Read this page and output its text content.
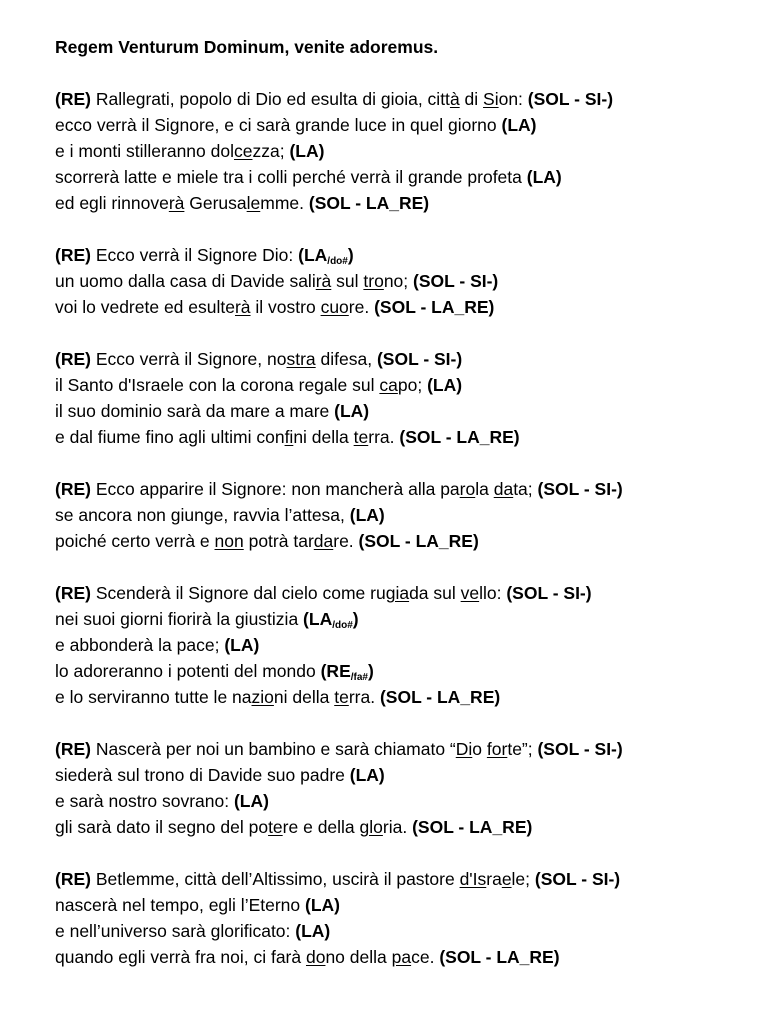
Regem Venturum Dominum, venite adoremus.
(RE) Rallegrati, popolo di Dio ed esulta di gioia, città di Sion: (SOL - SI-)
ecco verrà il Signore, e ci sarà grande luce in quel giorno (LA)
e i monti stilleranno dolcezza; (LA)
scorrerà latte e miele tra i colli perché verrà il grande profeta (LA)
ed egli rinnoverà Gerusalemme. (SOL - LA_RE)
(RE) Ecco verrà il Signore Dio: $(LA_{/do\#})$
un uomo dalla casa di Davide salirà sul trono; (SOL - SI-)
voi lo vedrete ed esulterà il vostro cuore. (SOL - LA_RE)
(RE) Ecco verrà il Signore, nostra difesa, (SOL - SI-)
il Santo d'Israele con la corona regale sul capo; (LA)
il suo dominio sarà da mare a mare (LA)
e dal fiume fino agli ultimi confini della terra. (SOL - LA_RE)
(RE) Ecco apparire il Signore: non mancherà alla parola data; (SOL - SI-)
se ancora non giunge, ravvia l’attesa, (LA)
poiché certo verrà e non potrà tardare. (SOL - LA_RE)
(RE) Scenderà il Signore dal cielo come rugiada sul vello: (SOL - SI-)
nei suoi giorni fiorirà la giustizia $(LA_{/do\#})$
e abbonderà la pace; (LA)
lo adoreranno i potenti del mondo $(RE_{/fa\#})$
e lo serviranno tutte le nazioni della terra. (SOL - LA_RE)
(RE) Nascerà per noi un bambino e sarà chiamato “Dio forte”; (SOL - SI-)
siederà sul trono di Davide suo padre (LA)
e sarà nostro sovrano: (LA)
gli sarà dato il segno del potere e della gloria. (SOL - LA_RE)
(RE) Betlemme, città dell’Altissimo, uscirà il pastore d'Israele; (SOL - SI-)
nascerà nel tempo, egli l’Eterno (LA)
e nell’universo sarà glorificato: (LA)
quando egli verrà fra noi, ci farà dono della pace. (SOL - LA_RE)
